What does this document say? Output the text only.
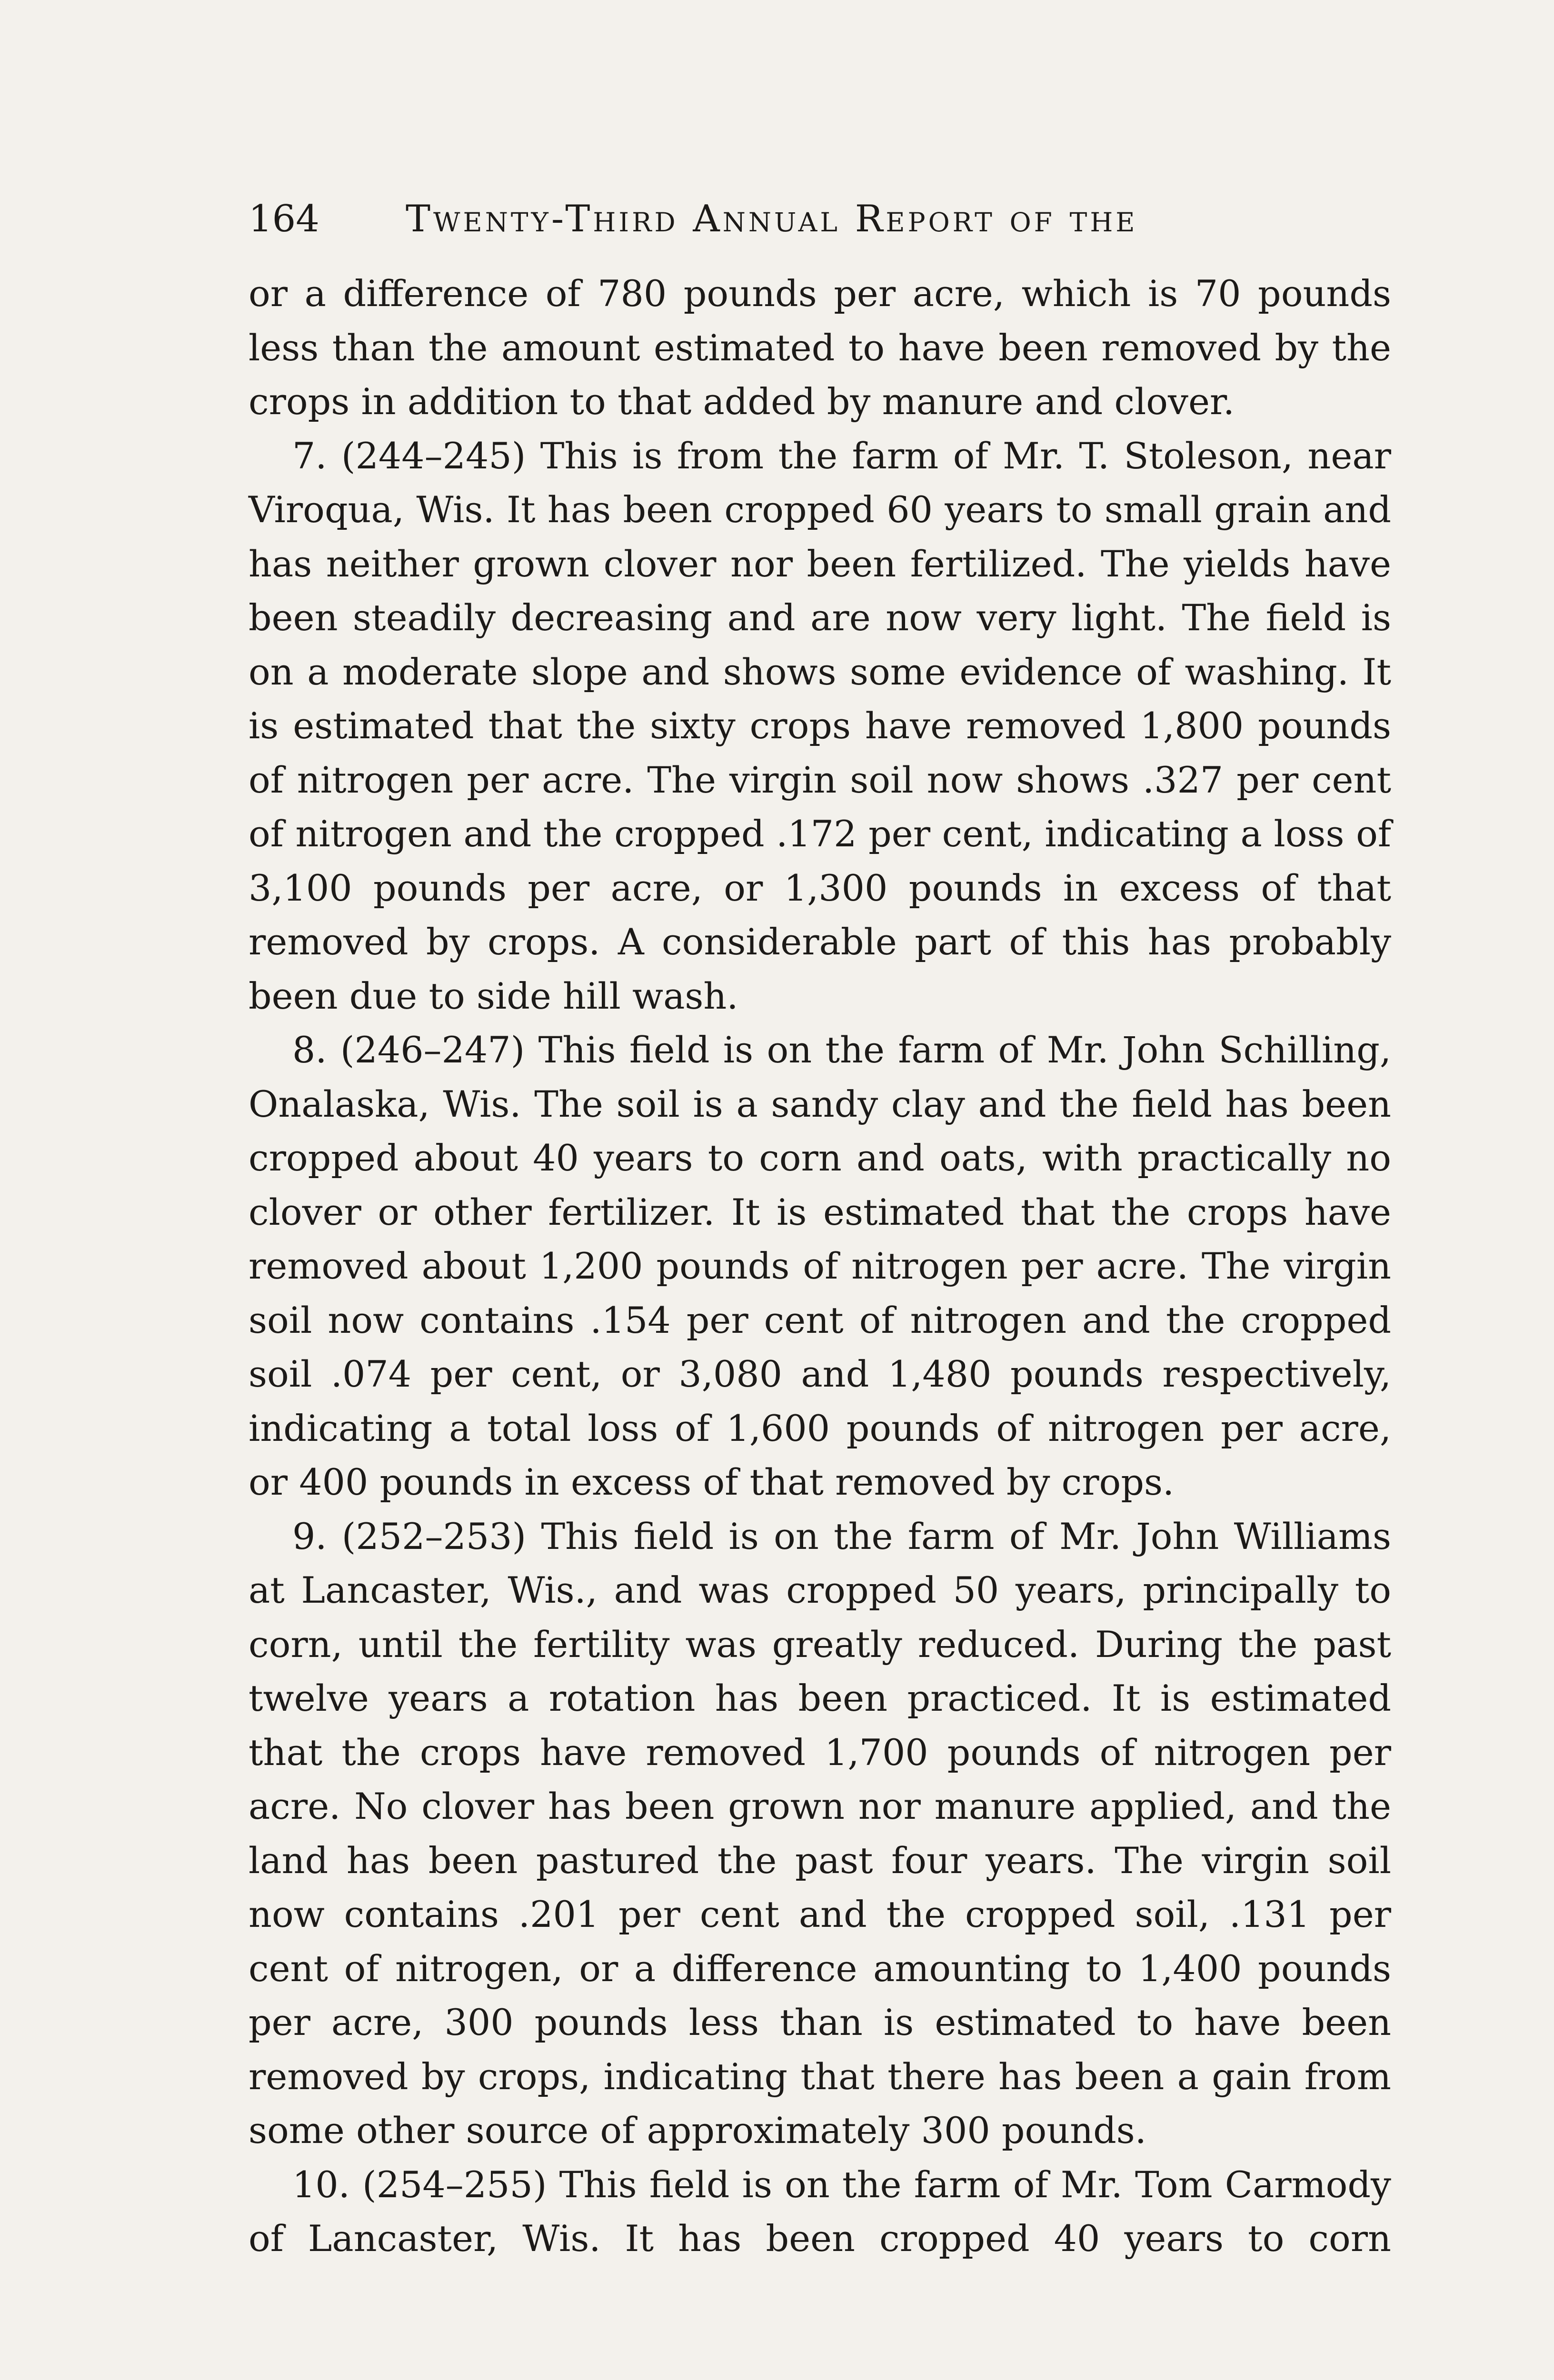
164 Twenty-Third Annual Report of the

or a difference of 780 pounds per acre, which is 70 pounds less than the amount estimated to have been removed by the crops in addition to that added by manure and clover.

7. (244–245) This is from the farm of Mr. T. Stoleson, near Viroqua, Wis. It has been cropped 60 years to small grain and has neither grown clover nor been fertilized. The yields have been steadily decreasing and are now very light. The field is on a moderate slope and shows some evidence of washing. It is estimated that the sixty crops have removed 1,800 pounds of nitrogen per acre. The virgin soil now shows .327 per cent of nitrogen and the cropped .172 per cent, indicating a loss of 3,100 pounds per acre, or 1,300 pounds in excess of that removed by crops. A considerable part of this has probably been due to side hill wash.

8. (246–247) This field is on the farm of Mr. John Schilling, Onalaska, Wis. The soil is a sandy clay and the field has been cropped about 40 years to corn and oats, with practically no clover or other fertilizer. It is estimated that the crops have removed about 1,200 pounds of nitrogen per acre. The virgin soil now contains .154 per cent of nitrogen and the cropped soil .074 per cent, or 3,080 and 1,480 pounds respectively, indicating a total loss of 1,600 pounds of nitrogen per acre, or 400 pounds in excess of that removed by crops.

9. (252–253) This field is on the farm of Mr. John Williams at Lancaster, Wis., and was cropped 50 years, principally to corn, until the fertility was greatly reduced. During the past twelve years a rotation has been practiced. It is estimated that the crops have removed 1,700 pounds of nitrogen per acre. No clover has been grown nor manure applied, and the land has been pastured the past four years. The virgin soil now contains .201 per cent and the cropped soil, .131 per cent of nitrogen, or a difference amounting to 1,400 pounds per acre, 300 pounds less than is estimated to have been removed by crops, indicating that there has been a gain from some other source of approximately 300 pounds.

10. (254–255) This field is on the farm of Mr. Tom Carmody of Lancaster, Wis. It has been cropped 40 years to corn
